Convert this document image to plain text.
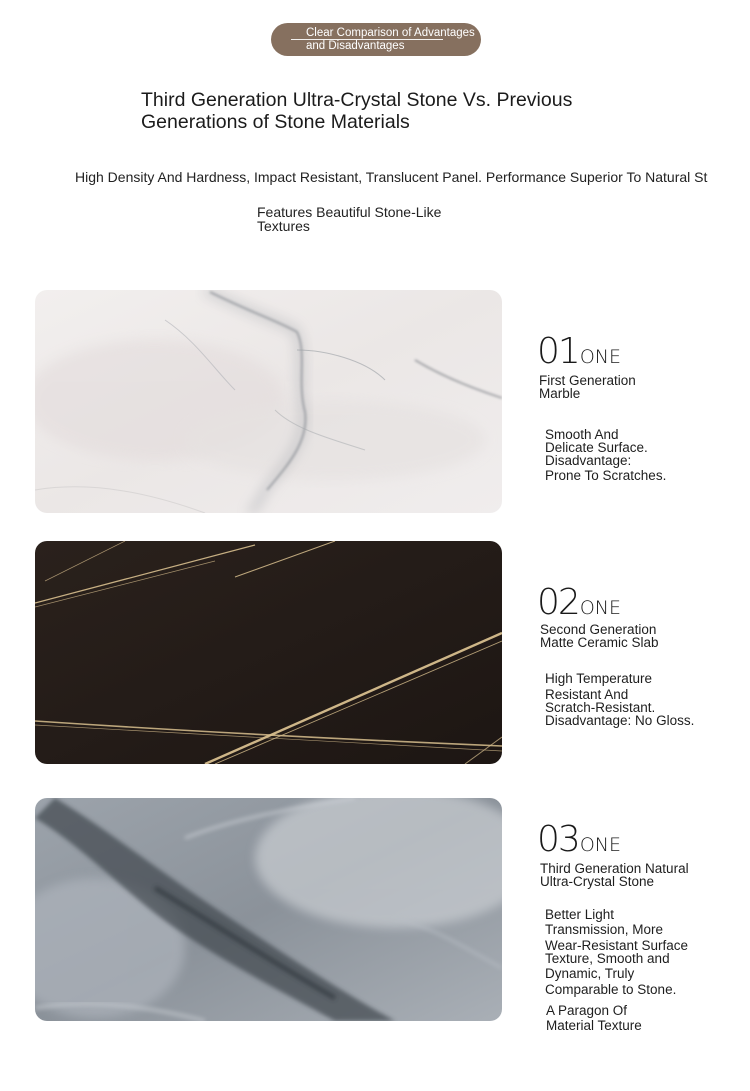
Clear Comparison of Advantages
and Disadvantages
Third Generation Ultra-Crystal Stone Vs. Previous
Generations of Stone Materials
High Density And Hardness, Impact Resistant, Translucent Panel. Performance Superior To Natural St
Features Beautiful Stone-Like
Textures
01ONE
First Generation
Marble
Smooth And
Delicate Surface.
Disadvantage:
Prone To Scratches.
02ONE
Second Generation
Matte Ceramic Slab
High Temperature
Resistant And
Scratch-Resistant.
Disadvantage: No Gloss.
03ONE
Third Generation Natural
Ultra-Crystal Stone
Better Light
Transmission, More
Wear-Resistant Surface
Texture, Smooth and
Dynamic, Truly
Comparable to Stone.
A Paragon Of
Material Texture
